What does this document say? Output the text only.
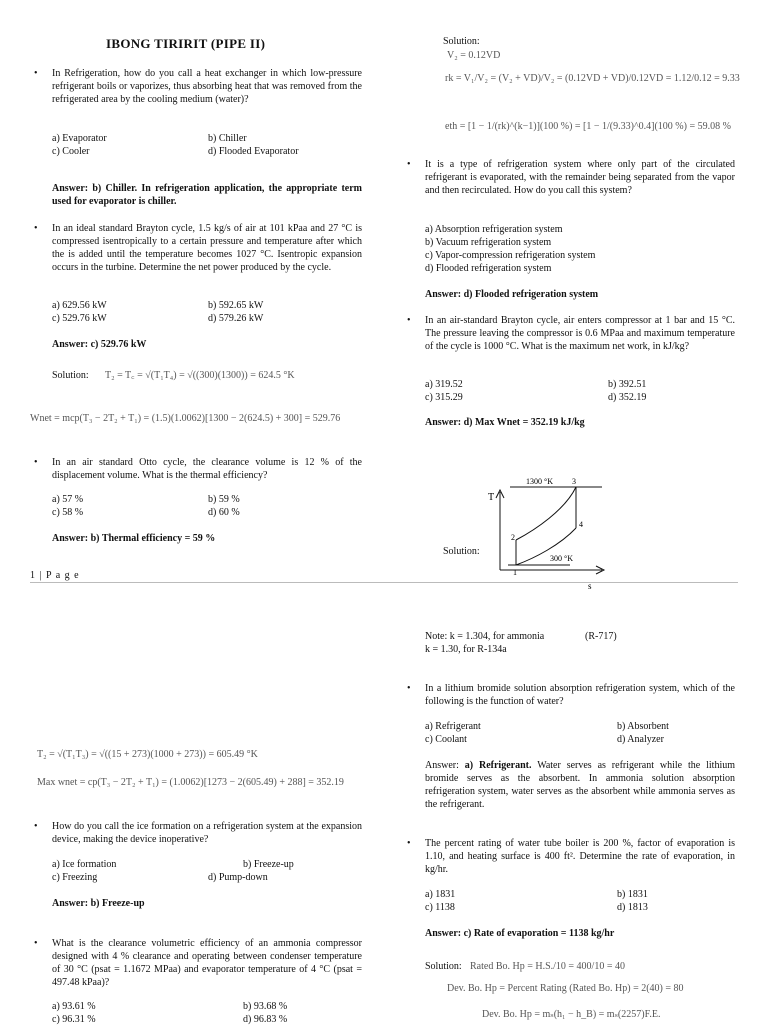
IBONG TIRIRIT (PIPE II)
• In Refrigeration, how do you call a heat exchanger in which low-pressure refrigerant boils or vaporizes, thus absorbing heat that was removed from the refrigerated area by the cooling medium (water)?
a) Evaporator	b) Chiller
c) Cooler	d) Flooded Evaporator
Answer: b) Chiller. In refrigeration application, the appropriate term used for evaporator is chiller.
• In an ideal standard Brayton cycle, 1.5 kg/s of air at 101 kPaa and 27 °C is compressed isentropically to a certain pressure and temperature after which the is added until the temperature becomes 1027 °C. Isentropic expansion occurs in the turbine. Determine the net power produced by the cycle.
a) 629.56 kW	b) 592.65 kW
c) 529.76 kW	d) 579.26 kW
Answer: c) 529.76 kW
Solution: T₂ = T꜀ = √(T₁T₄) = √((300)(1300)) = 624.5 °K
Wnet = mcp(T₃ − 2T₂ + T₁) = (1.5)(1.0062)[1300 − 2(624.5) + 300] = 529.76
• In an air standard Otto cycle, the clearance volume is 12 % of the displacement volume. What is the thermal efficiency?
a) 57 %	b) 59 %
c) 58 %	d) 60 %
Answer: b) Thermal efficiency = 59 %
1 | P a g e
T₂ = √(T₁T₃) = √((15 + 273)(1000 + 273)) = 605.49 °K
Max wnet = cp(T₃ − 2T₂ + T₁) = (1.0062)[1273 − 2(605.49) + 288] = 352.19
• How do you call the ice formation on a refrigeration system at the expansion device, making the device inoperative?
a) Ice formation	b) Freeze-up
c) Freezing	d) Pump-down
Answer: b) Freeze-up
• What is the clearance volumetric efficiency of an ammonia compressor designed with 4 % clearance and operating between condenser temperature of 30 °C (psat = 1.1672 MPaa) and evaporator temperature of 4 °C (psat = 497.48 kPaa)?
a) 93.61 %	b) 93.68 %
c) 96.31 %	d) 96.83 %
Solution:
V₂ = 0.12VD
rk = V₁/V₂ = (V₂ + VD)/V₂ = (0.12VD + VD)/0.12VD = 1.12/0.12 = 9.33
eth = [1 − 1/(rk)^(k−1)](100 %) = [1 − 1/(9.33)^0.4](100 %) = 59.08 %
• It is a type of refrigeration system where only part of the circulated refrigerant is evaporated, with the remainder being separated from the vapor and then recirculated. How do you call this system?
a) Absorption refrigeration system
b) Vacuum refrigeration system
c) Vapor-compression refrigeration system
d) Flooded refrigeration system
Answer: d) Flooded refrigeration system
• In an air-standard Brayton cycle, air enters compressor at 1 bar and 15 °C. The pressure leaving the compressor is 0.6 MPaa and maximum temperature of the cycle is 1000 °C. What is the maximum net work, in kJ/kg?
a) 319.52	b) 392.51
c) 315.29	d) 352.19
Answer: d) Max Wnet = 352.19 kJ/kg
Solution:
T
s
1300 °K
300 °K
1
2
3
4
Note: k = 1.304, for ammonia	(R-717)
k = 1.30, for R-134a
• In a lithium bromide solution absorption refrigeration system, which of the following is the function of water?
a) Refrigerant	b) Absorbent
c) Coolant	d) Analyzer
Answer: a) Refrigerant. Water serves as refrigerant while the lithium bromide serves as the absorbent. In ammonia solution absorption refrigeration system, water serves as the absorbent while ammonia serves as the refrigerant.
• The percent rating of water tube boiler is 200 %, factor of evaporation is 1.10, and heating surface is 400 ft². Determine the rate of evaporation, in kg/hr.
a) 1831	b) 1831
c) 1138	d) 1813
Answer: c) Rate of evaporation = 1138 kg/hr
Solution: Rated Bo. Hp = H.S./10 = 400/10 = 40
Dev. Bo. Hp = Percent Rating (Rated Bo. Hp) = 2(40) = 80
Dev. Bo. Hp = mₛ(h₁ − h_B) = mₛ(2257)F.E.
